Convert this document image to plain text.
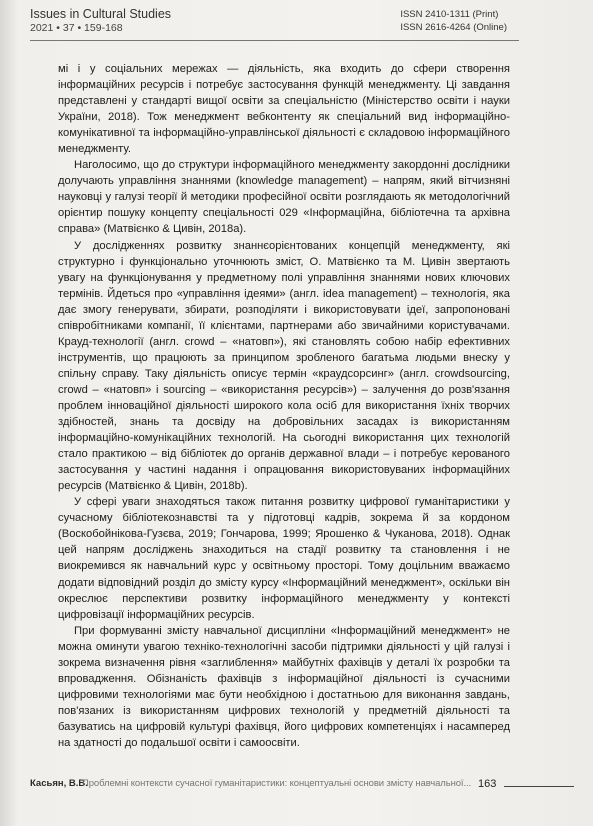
Issues in Cultural Studies
2021 • 37 • 159-168
ISSN 2410-1311 (Print)
ISSN 2616-4264 (Online)

мі і у соціальних мережах — діяльність, яка входить до сфери створення інформаційних ресурсів і потребує застосування функцій менеджменту. Ці завдання представлені у стандарті вищої освіти за спеціальністю (Міністерство освіти і науки України, 2018). Тож менеджмент вебконтенту як спеціальний вид інформаційно-комунікативної та інформаційно-управлінської діяльності є складовою інформаційного менеджменту.

Наголосимо, що до структури інформаційного менеджменту закордонні дослідники долучають управління знаннями (knowledge management) – напрям, який вітчизняні науковці у галузі теорії й методики професійної освіти розглядають як методологічний орієнтир пошуку концепту спеціальності 029 «Інформаційна, бібліотечна та архівна справа» (Матвієнко & Цивін, 2018a).

У дослідженнях розвитку знаннєорієнтованих концепцій менеджменту, які структурно і функціонально уточнюють зміст, О. Матвієнко та М. Цивін звертають увагу на функціонування у предметному полі управління знаннями нових ключових термінів. Йдеться про «управління ідеями» (англ. idea management) – технологія, яка дає змогу генерувати, збирати, розподіляти і використовувати ідеї, запропоновані співробітниками компанії, її клієнтами, партнерами або звичайними користувачами. Крауд-технології (англ. crowd – «натовп»), які становлять собою набір ефективних інструментів, що працюють за принципом зробленого багатьма людьми внеску у спільну справу. Таку діяльність описує термін «краудсорсинг» (англ. crowdsourcing, crowd – «натовп» і sourcing – «використання ресурсів») – залучення до розв'язання проблем інноваційної діяльності широкого кола осіб для використання їхніх творчих здібностей, знань та досвіду на добровільних засадах із використанням інформаційно-комунікаційних технологій. На сьогодні використання цих технологій стало практикою – від бібліотек до органів державної влади – і потребує керованого застосування у частині надання і опрацювання використовуваних інформаційних ресурсів (Матвієнко & Цивін, 2018b).

У сфері уваги знаходяться також питання розвитку цифрової гуманітаристики у сучасному бібліотекознавстві та у підготовці кадрів, зокрема й за кордоном (Воскобойнікова-Гузєва, 2019; Гончарова, 1999; Ярошенко & Чуканова, 2018). Однак цей напрям досліджень знаходиться на стадії розвитку та становлення і не виокремився як навчальний курс у освітньому просторі. Тому доцільним вважаємо додати відповідний розділ до змісту курсу «Інформаційний менеджмент», оскільки він окреслює перспективи розвитку інформаційного менеджменту у контексті цифровізації інформаційних ресурсів.

При формуванні змісту навчальної дисципліни «Інформаційний менеджмент» не можна оминути увагою техніко-технологічні засоби підтримки діяльності у цій галузі і зокрема визначення рівня «заглиблення» майбутніх фахівців у деталі їх розробки та впровадження. Обізнаність фахівців з інформаційної діяльності із сучасними цифровими технологіями має бути необхідною і достатньою для виконання завдань, пов'язаних із використанням цифрових технологій у предметній діяльності та базуватись на цифровій культурі фахівця, його цифрових компетенціях і насамперед на здатності до подальшої освіти і самоосвіти.

Касьян, В.В.
Проблемні контексти сучасної гуманітаристики: концептуальні основи змісту навчальної... 163
